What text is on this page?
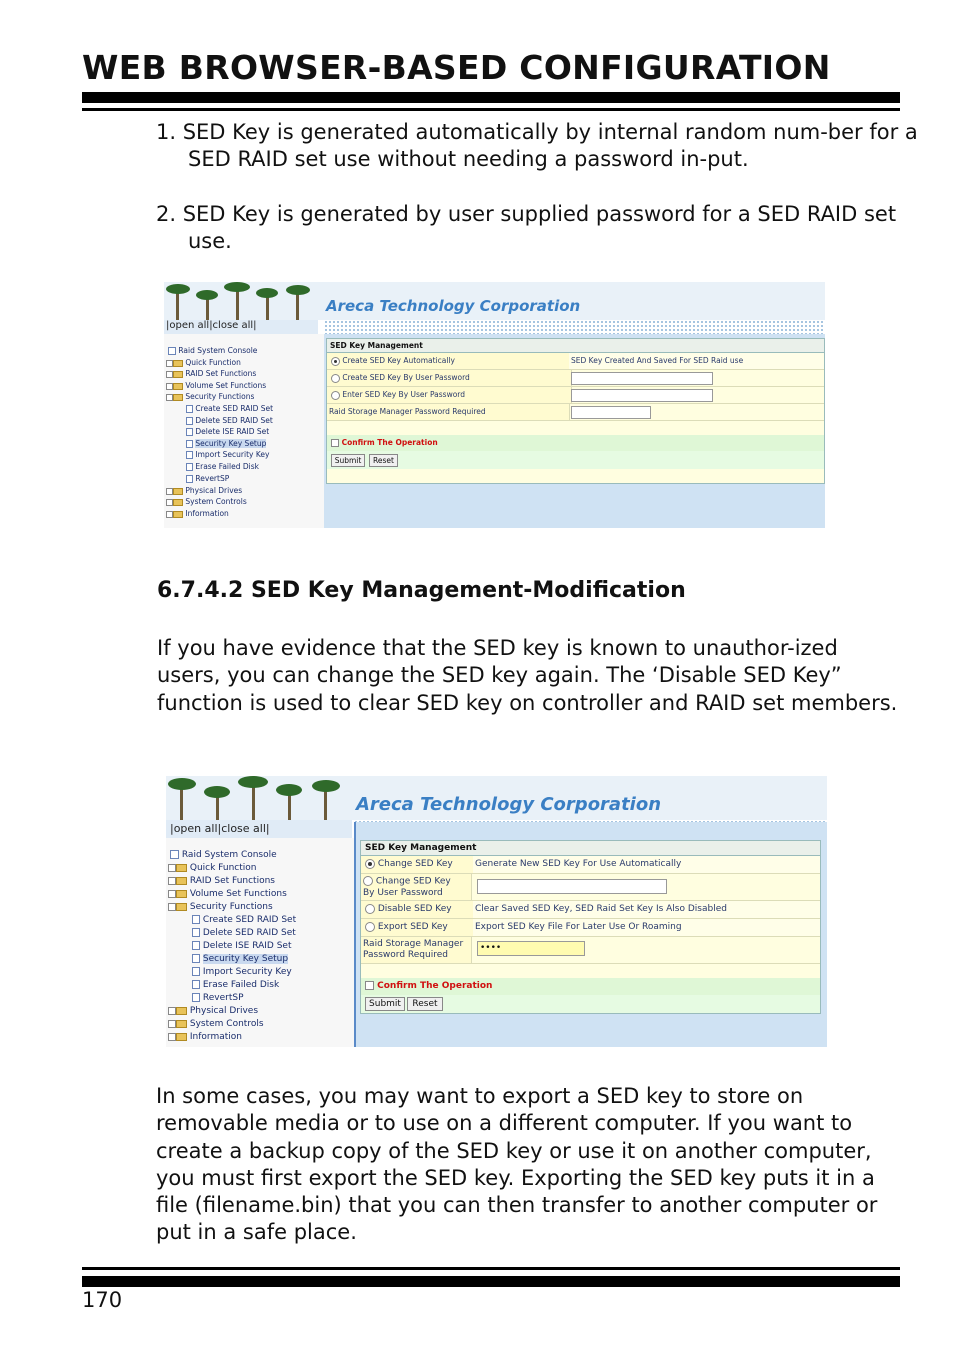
WEB BROWSER-BASED CONFIGURATION
1. SED Key is generated automatically by internal random num-ber for a SED RAID set use without needing a password in-put.
2. SED Key is generated by user supplied password for a SED RAID set use.
Areca Technology Corporation
|open all|close all|
Raid System Console
Quick Function
RAID Set Functions
Volume Set Functions
Security Functions
Create SED RAID Set
Delete SED RAID Set
Delete ISE RAID Set
Security Key Setup
Import Security Key
Erase Failed Disk
RevertSP
Physical Drives
System Controls
Information
SED Key Management
Create SED Key Automatically	SED Key Created And Saved For SED Raid use
Create SED Key By User Password
Enter SED Key By User Password
Raid Storage Manager Password Required
Confirm The Operation
Submit	Reset
6.7.4.2 SED Key Management-Modification
If you have evidence that the SED key is known to unauthor-ized users, you can change the SED key again. The ‘Disable SED Key” function is used to clear SED key on controller and RAID set members.
Areca Technology Corporation
|open all|close all|
Raid System Console
Quick Function
RAID Set Functions
Volume Set Functions
Security Functions
Create SED RAID Set
Delete SED RAID Set
Delete ISE RAID Set
Security Key Setup
Import Security Key
Erase Failed Disk
RevertSP
Physical Drives
System Controls
Information
SED Key Management
Change SED Key	Generate New SED Key For Use Automatically
Change SED Key
By User Password
Disable SED Key	Clear Saved SED Key, SED Raid Set Key Is Also Disabled
Export SED Key	Export SED Key File For Later Use Or Roaming
Raid Storage Manager
Password Required
••••
Confirm The Operation
Submit	Reset
In some cases, you may want to export a SED key to store on removable media or to use on a different computer. If you want to create a backup copy of the SED key or use it on another computer, you must first export the SED key. Exporting the SED key puts it in a file (filename.bin) that you can then transfer to another computer or put in a safe place.
170
